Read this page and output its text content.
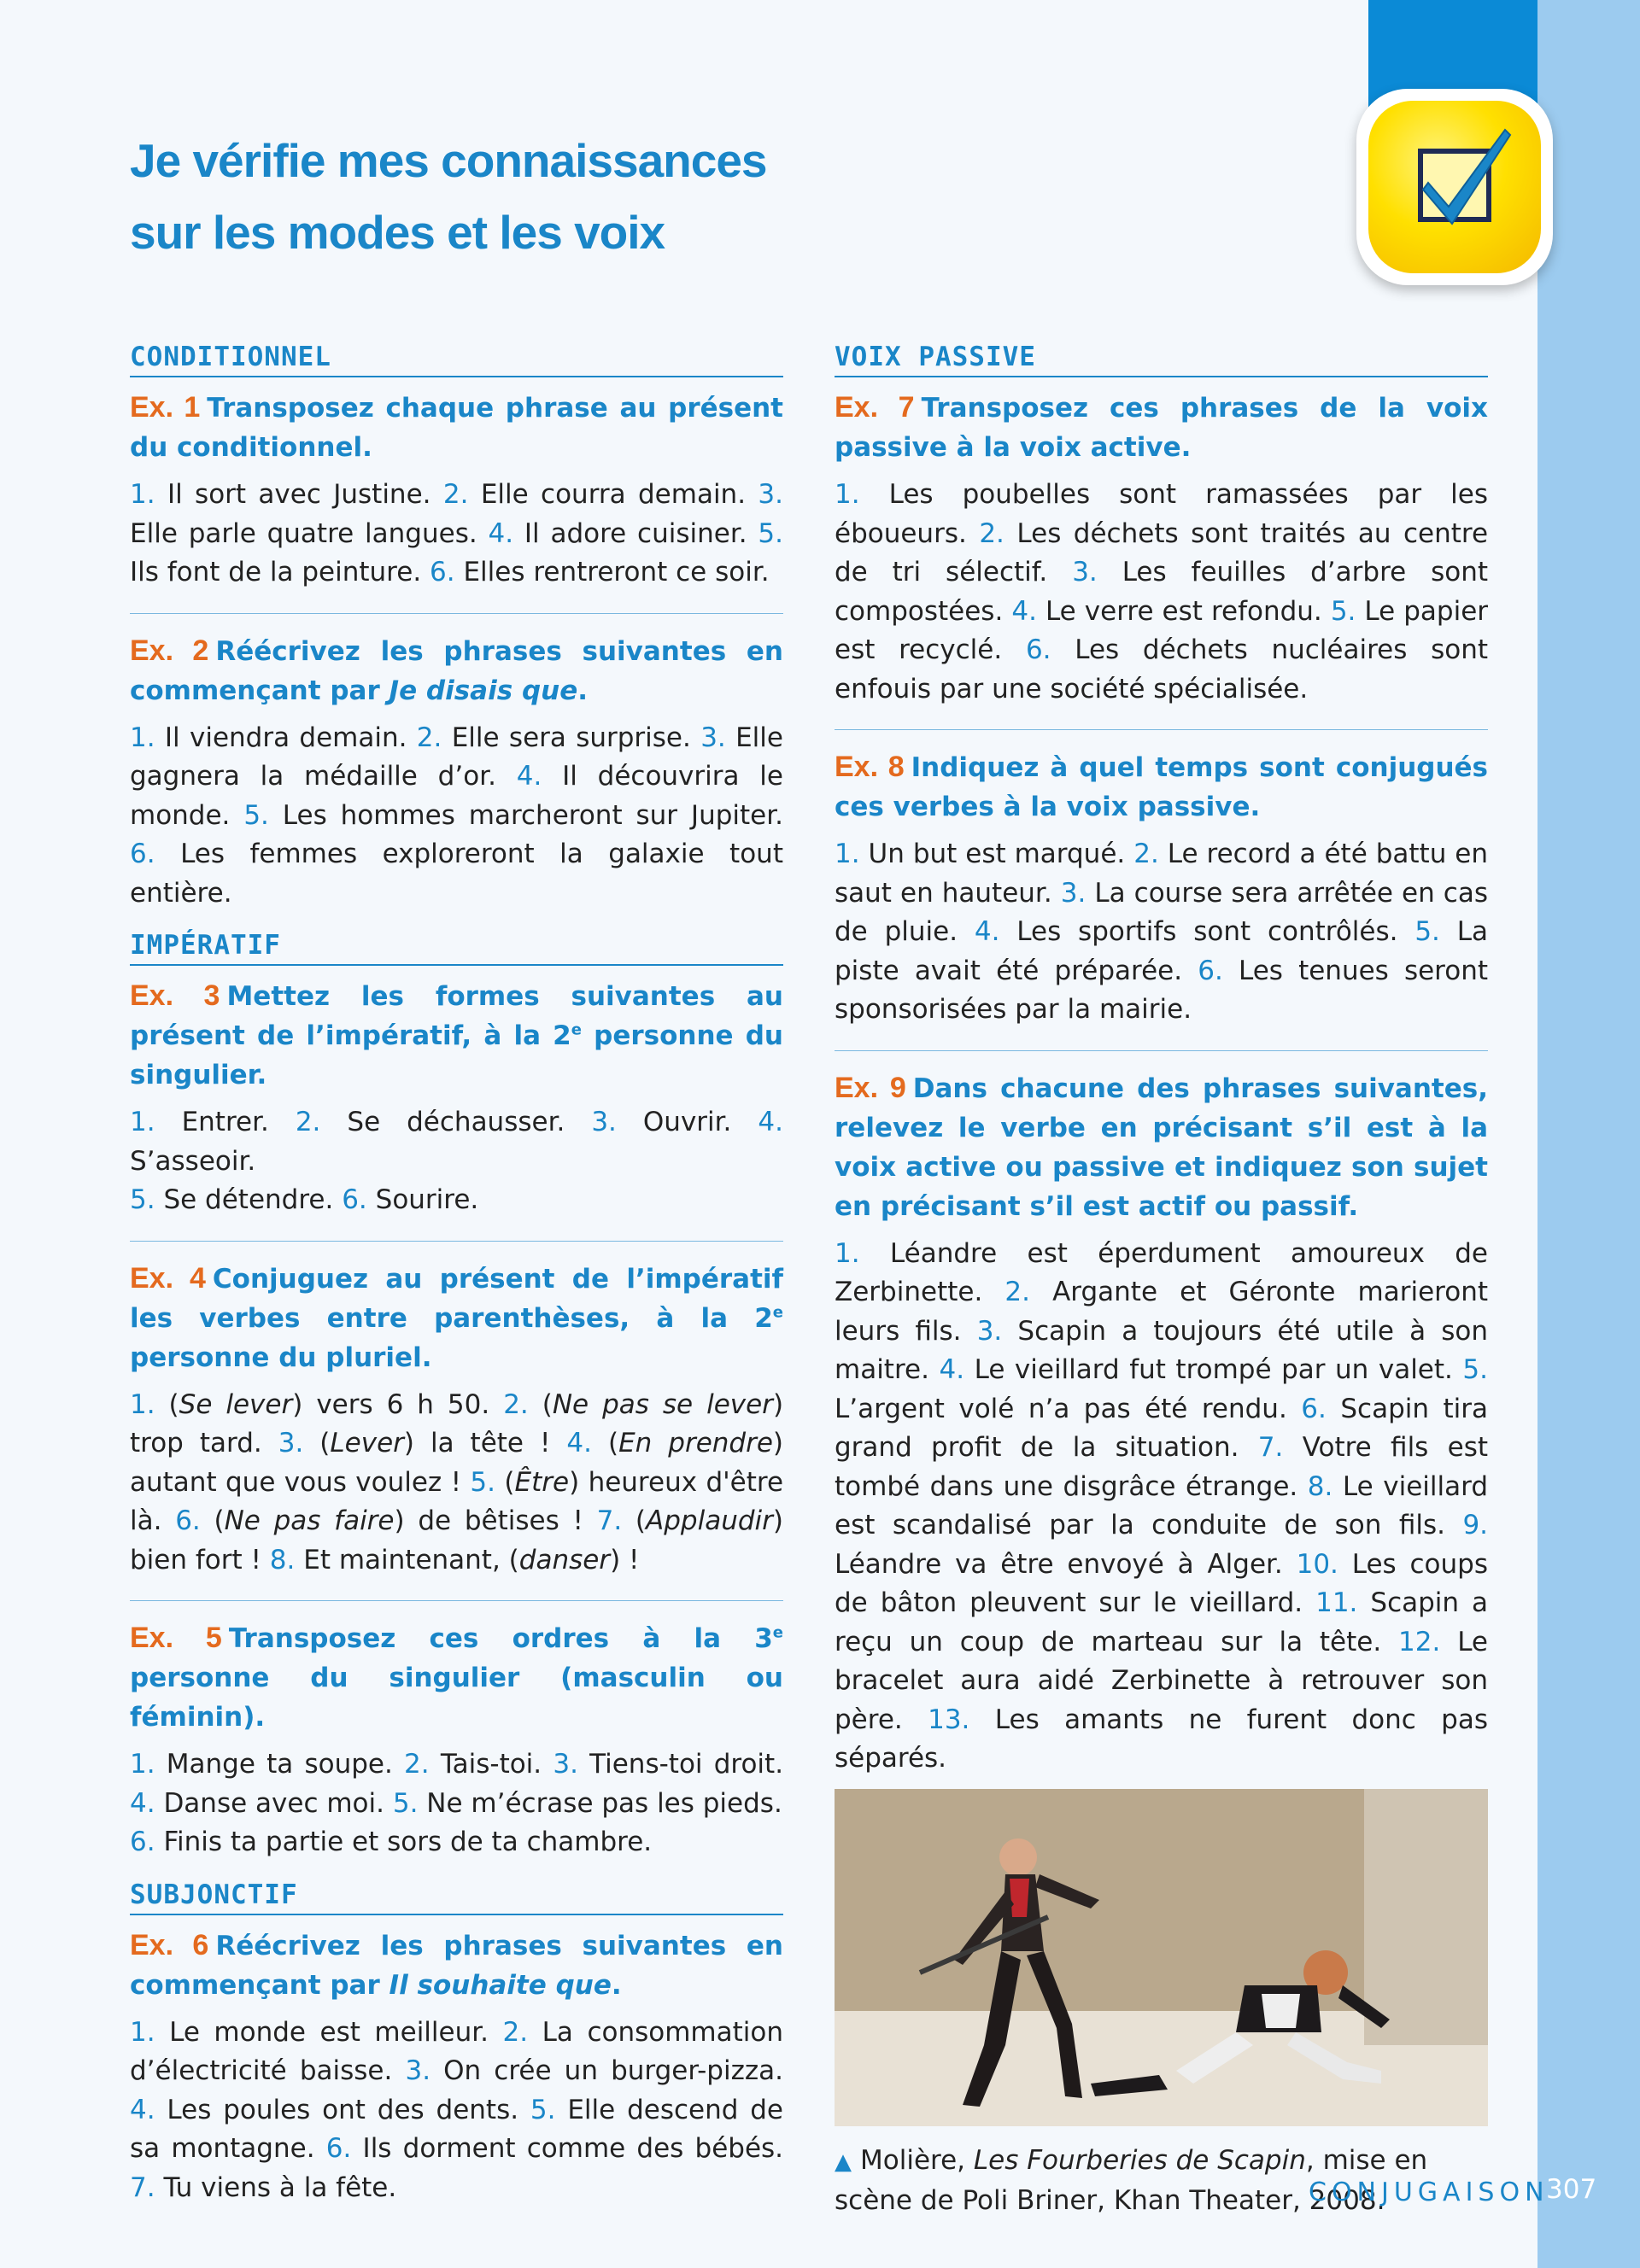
Je vérifie mes connaissances
sur les modes et les voix
CONDITIONNEL
Ex. 1 Transposez chaque phrase au présent du conditionnel.
1. Il sort avec Justine. 2. Elle courra demain. 3. Elle parle quatre langues. 4. Il adore cuisiner. 5. Ils font de la peinture. 6. Elles rentreront ce soir.
Ex. 2 Réécrivez les phrases suivantes en commençant par Je disais que.
1. Il viendra demain. 2. Elle sera surprise. 3. Elle gagnera la médaille d’or. 4. Il découvrira le monde. 5. Les hommes marcheront sur Jupiter. 6. Les femmes exploreront la galaxie tout entière.
IMPÉRATIF
Ex. 3 Mettez les formes suivantes au présent de l’impératif, à la 2e personne du singulier.
1. Entrer. 2. Se déchausser. 3. Ouvrir. 4. S’asseoir.
5. Se détendre. 6. Sourire.
Ex. 4 Conjuguez au présent de l’impératif les verbes entre parenthèses, à la 2e personne du pluriel.
1. (Se lever) vers 6 h 50. 2. (Ne pas se lever) trop tard. 3. (Lever) la tête ! 4. (En prendre) autant que vous voulez ! 5. (Être) heureux d'être là. 6. (Ne pas faire) de bêtises ! 7. (Applaudir) bien fort ! 8. Et maintenant, (danser) !
Ex. 5 Transposez ces ordres à la 3e personne du singulier (masculin ou féminin).
1. Mange ta soupe. 2. Tais-toi. 3. Tiens-toi droit. 4. Danse avec moi. 5. Ne m’écrase pas les pieds.
6. Finis ta partie et sors de ta chambre.
SUBJONCTIF
Ex. 6 Réécrivez les phrases suivantes en commençant par Il souhaite que.
1. Le monde est meilleur. 2. La consommation d’électricité baisse. 3. On crée un burger-pizza. 4. Les poules ont des dents. 5. Elle descend de sa montagne. 6. Ils dorment comme des bébés. 7. Tu viens à la fête.
VOIX PASSIVE
Ex. 7 Transposez ces phrases de la voix passive à la voix active.
1. Les poubelles sont ramassées par les éboueurs. 2. Les déchets sont traités au centre de tri sélectif. 3. Les feuilles d’arbre sont compostées. 4. Le verre est refondu. 5. Le papier est recyclé. 6. Les déchets nucléaires sont enfouis par une société spécialisée.
Ex. 8 Indiquez à quel temps sont conjugués ces verbes à la voix passive.
1. Un but est marqué. 2. Le record a été battu en saut en hauteur. 3. La course sera arrêtée en cas de pluie. 4. Les sportifs sont contrôlés. 5. La piste avait été préparée. 6. Les tenues seront sponsorisées par la mairie.
Ex. 9 Dans chacune des phrases suivantes, relevez le verbe en précisant s’il est à la voix active ou passive et indiquez son sujet en précisant s’il est actif ou passif.
1. Léandre est éperdument amoureux de Zerbinette. 2. Argante et Géronte marieront leurs fils. 3. Scapin a toujours été utile à son maitre. 4. Le vieillard fut trompé par un valet. 5. L’argent volé n’a pas été rendu. 6. Scapin tira grand profit de la situation. 7. Votre fils est tombé dans une disgrâce étrange. 8. Le vieillard est scandalisé par la conduite de son fils. 9. Léandre va être envoyé à Alger. 10. Les coups de bâton pleuvent sur le vieillard. 11. Scapin a reçu un coup de marteau sur la tête. 12. Le bracelet aura aidé Zerbinette à retrouver son père. 13. Les amants ne furent donc pas séparés.
▲ Molière, Les Fourberies de Scapin, mise en scène de Poli Briner, Khan Theater, 2008.
CONJUGAISON
307
